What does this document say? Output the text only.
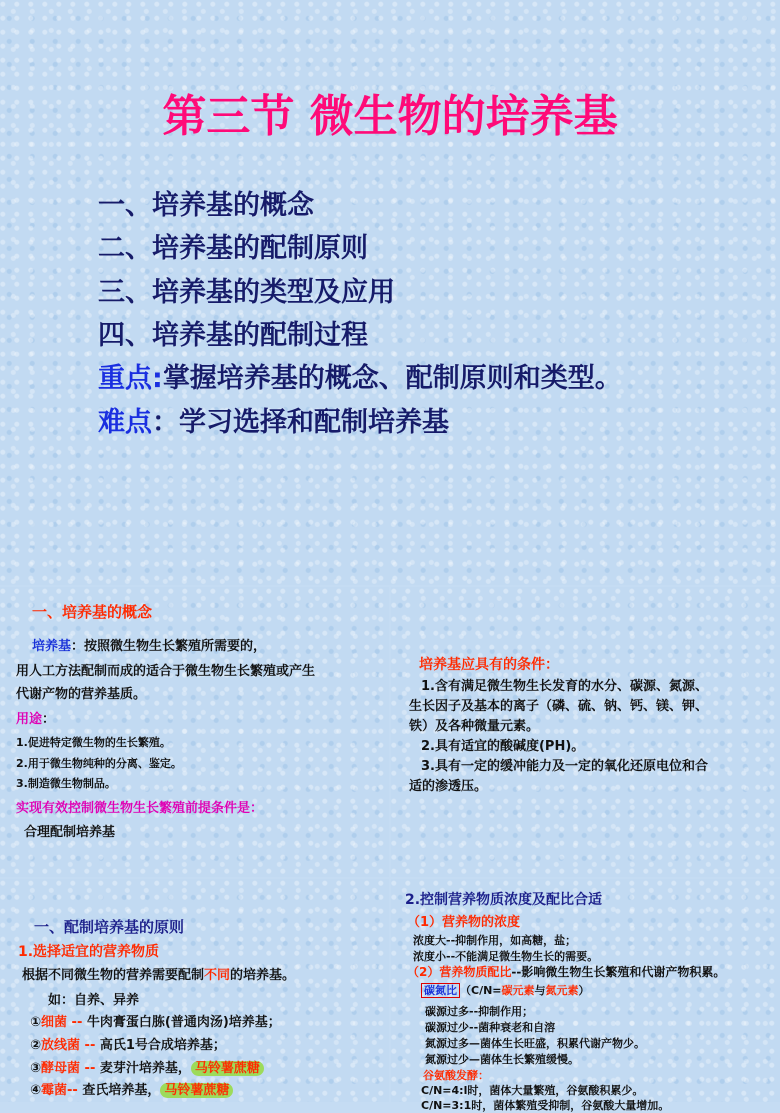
第三节 微生物的培养基
一、培养基的概念
二、培养基的配制原则
三、培养基的类型及应用
四、培养基的配制过程
重点:掌握培养基的概念、配制原则和类型。
难点：学习选择和配制培养基
一、培养基的概念
培养基：按照微生物生长繁殖所需要的，
用人工方法配制而成的适合于微生物生长繁殖或产生
代谢产物的营养基质。
用途：
1.促进特定微生物的生长繁殖。
2.用于微生物纯种的分离、鉴定。
3.制造微生物制品。
实现有效控制微生物生长繁殖前提条件是：
合理配制培养基
培养基应具有的条件：
1.含有满足微生物生长发育的水分、碳源、氮源、
生长因子及基本的离子（磷、硫、钠、钙、镁、钾、
铁）及各种微量元素。
2.具有适宜的酸碱度(PH)。
3.具有一定的缓冲能力及一定的氧化还原电位和合
适的渗透压。
一、配制培养基的原则
1.选择适宜的营养物质
根据不同微生物的营养需要配制不同的培养基。
如：自养、异养
①细菌 -- 牛肉膏蛋白胨(普通肉汤)培养基；
②放线菌 -- 高氏1号合成培养基；
③酵母菌 -- 麦芽汁培养基， 马铃薯蔗糖
④霉菌-- 查氏培养基， 马铃薯蔗糖
2.控制营养物质浓度及配比合适
（1）营养物的浓度
浓度大--抑制作用，如高糖，盐；
浓度小--不能满足微生物生长的需要。
（2）营养物质配比--影响微生物生长繁殖和代谢产物积累。
碳氮比 （C/N=碳元素与氮元素）
碳源过多--抑制作用；
碳源过少--菌种衰老和自溶
氮源过多—菌体生长旺盛，积累代谢产物少。
氮源过少—菌体生长繁殖缓慢。
谷氨酸发酵：
C/N=4:l时，菌体大量繁殖，谷氨酸积累少。
C/N=3:1时，菌体繁殖受抑制，谷氨酸大量增加。
